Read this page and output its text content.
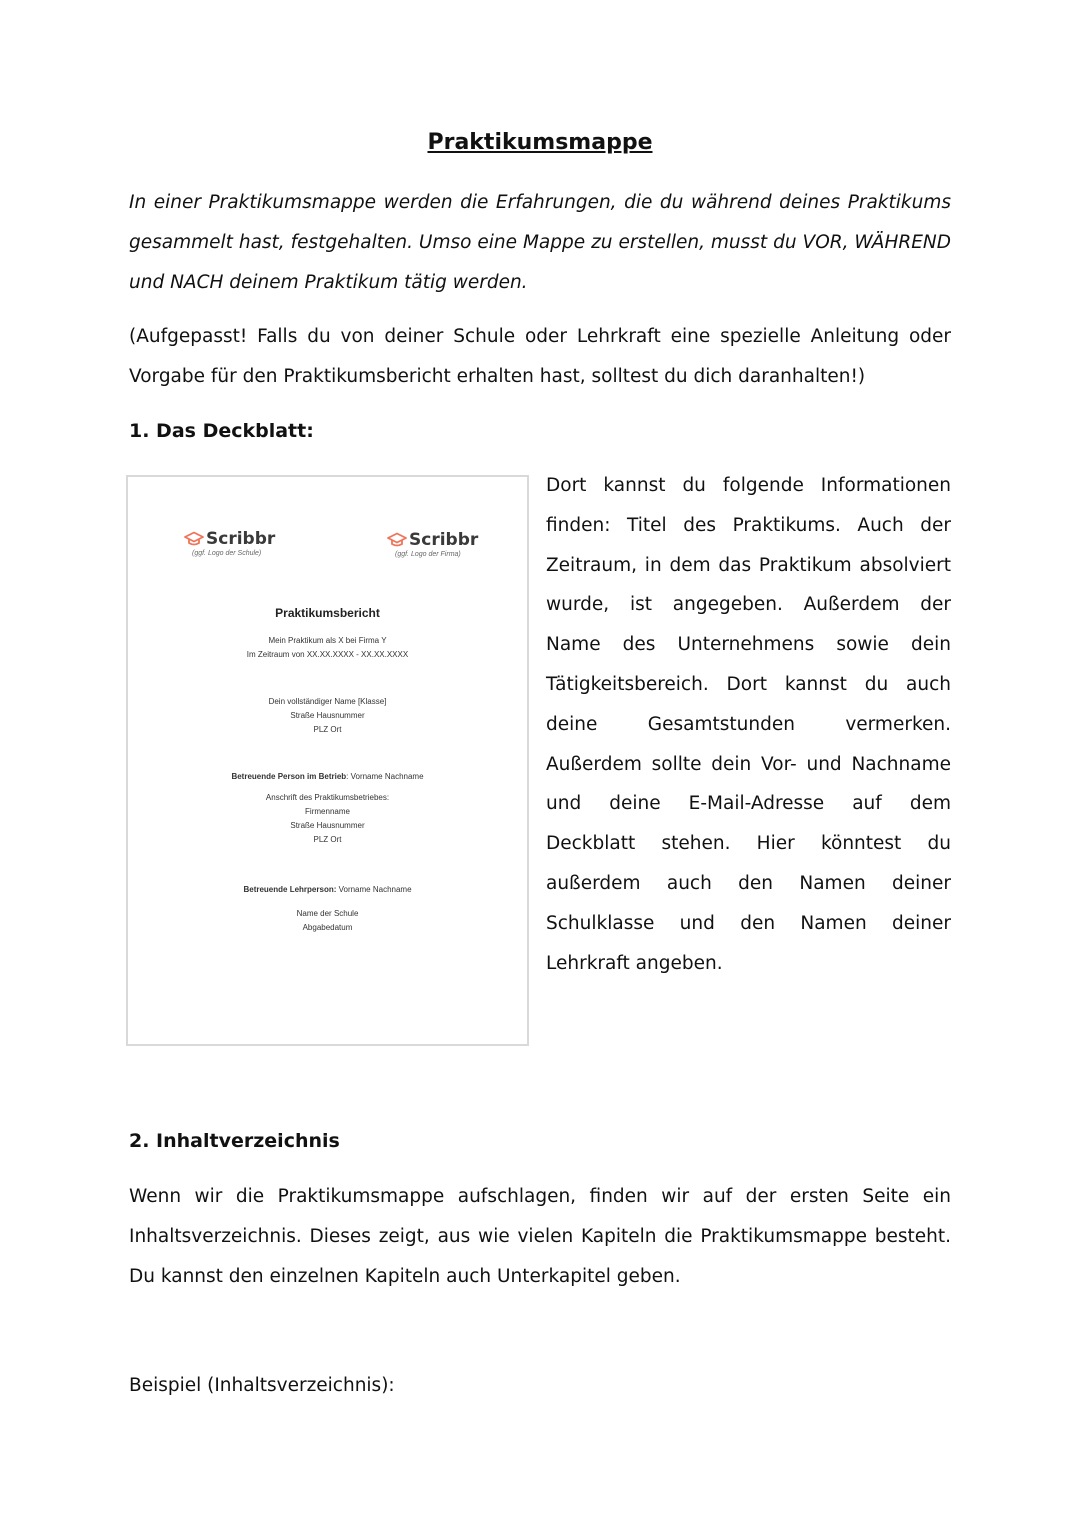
Praktikumsmappe

In einer Praktikumsmappe werden die Erfahrungen, die du während deines Praktikums gesammelt hast, festgehalten. Umso eine Mappe zu erstellen, musst du VOR, WÄHREND und NACH deinem Praktikum tätig werden.

(Aufgepasst! Falls du von deiner Schule oder Lehrkraft eine spezielle Anleitung oder Vorgabe für den Praktikumsbericht erhalten hast, solltest du dich daranhalten!)

1. Das Deckblatt:

Scribbr
(ggf. Logo der Schule)
Scribbr
(ggf. Logo der Firma)

Praktikumsbericht

Mein Praktikum als X bei Firma Y

Im Zeitraum von XX.XX.XXXX - XX.XX.XXXX

Dein vollständiger Name [Klasse]

Straße Hausnummer

PLZ Ort

Betreuende Person im Betrieb: Vorname Nachname

Anschrift des Praktikumsbetriebes:

Firmenname

Straße Hausnummer

PLZ Ort

Betreuende Lehrperson: Vorname Nachname

Name der Schule

Abgabedatum

Dort kannst du folgende Informationen finden: Titel des Praktikums. Auch der Zeitraum, in dem das Praktikum absolviert wurde, ist angegeben. Außerdem der Name des Unternehmens sowie dein Tätigkeitsbereich. Dort kannst du auch deine Gesamtstunden vermerken. Außerdem sollte dein Vor- und Nachname und deine E-Mail-Adresse auf dem Deckblatt stehen. Hier könntest du außerdem auch den Namen deiner Schulklasse und den Namen deiner Lehrkraft angeben.

2. Inhaltverzeichnis

Wenn wir die Praktikumsmappe aufschlagen, finden wir auf der ersten Seite ein Inhaltsverzeichnis. Dieses zeigt, aus wie vielen Kapiteln die Praktikumsmappe besteht. Du kannst den einzelnen Kapiteln auch Unterkapitel geben.

Beispiel (Inhaltsverzeichnis):
